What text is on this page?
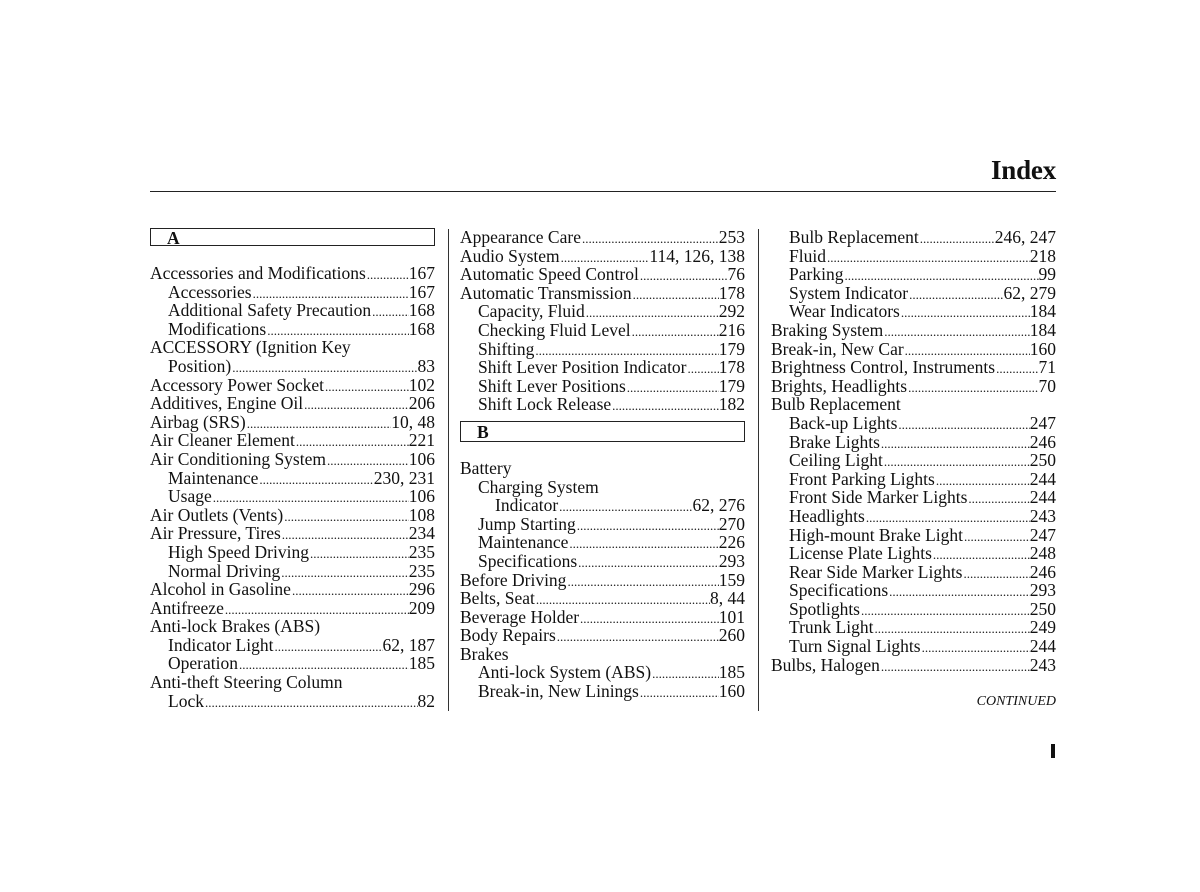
Index
A
Accessories and Modifications ..... 167
Accessories .....	167
Additional Safety Precaution ..... 168
Modifications .....	168
ACCESSORY (Ignition Key
Position) .....	83
Accessory Power Socket .....	102
Additives, Engine Oil .....	206
Airbag (SRS) .....	10, 48
Air Cleaner Element .....	221
Air Conditioning System .....	106
Maintenance .....	230, 231
Usage .....	106
Air Outlets (Vents) .....	108
Air Pressure, Tires .....	234
High Speed Driving .....	235
Normal Driving .....	235
Alcohol in Gasoline .....	296
Antifreeze .....	209
Anti-lock Brakes (ABS)
Indicator Light .....	62, 187
Operation .....	185
Anti-theft Steering Column
Lock .....	82
Appearance Care .....	253
Audio System .....	114, 126, 138
Automatic Speed Control .....	76
Automatic Transmission .....	178
Capacity, Fluid .....	292
Checking Fluid Level .....	216
Shifting .....	179
Shift Lever Position Indicator ..... 178
Shift Lever Positions .....	179
Shift Lock Release .....	182
B
Battery
Charging System
Indicator .....	62, 276
Jump Starting .....	270
Maintenance .....	226
Specifications .....	293
Before Driving .....	159
Belts, Seat .....	8, 44
Beverage Holder .....	101
Body Repairs .....	260
Brakes
Anti-lock System (ABS) .....	185
Break-in, New Linings .....	160
Bulb Replacement .....	246, 247
Fluid .....	218
Parking .....	99
System Indicator .....	62, 279
Wear Indicators .....	184
Braking System .....	184
Break-in, New Car .....	160
Brightness Control, Instruments ..... 71
Brights, Headlights .....	70
Bulb Replacement
Back-up Lights .....	247
Brake Lights .....	246
Ceiling Light .....	250
Front Parking Lights .....	244
Front Side Marker Lights .....	244
Headlights .....	243
High-mount Brake Light .....	247
License Plate Lights .....	248
Rear Side Marker Lights .....	246
Specifications .....	293
Spotlights .....	250
Trunk Light .....	249
Turn Signal Lights .....	244
Bulbs, Halogen .....	243
CONTINUED
